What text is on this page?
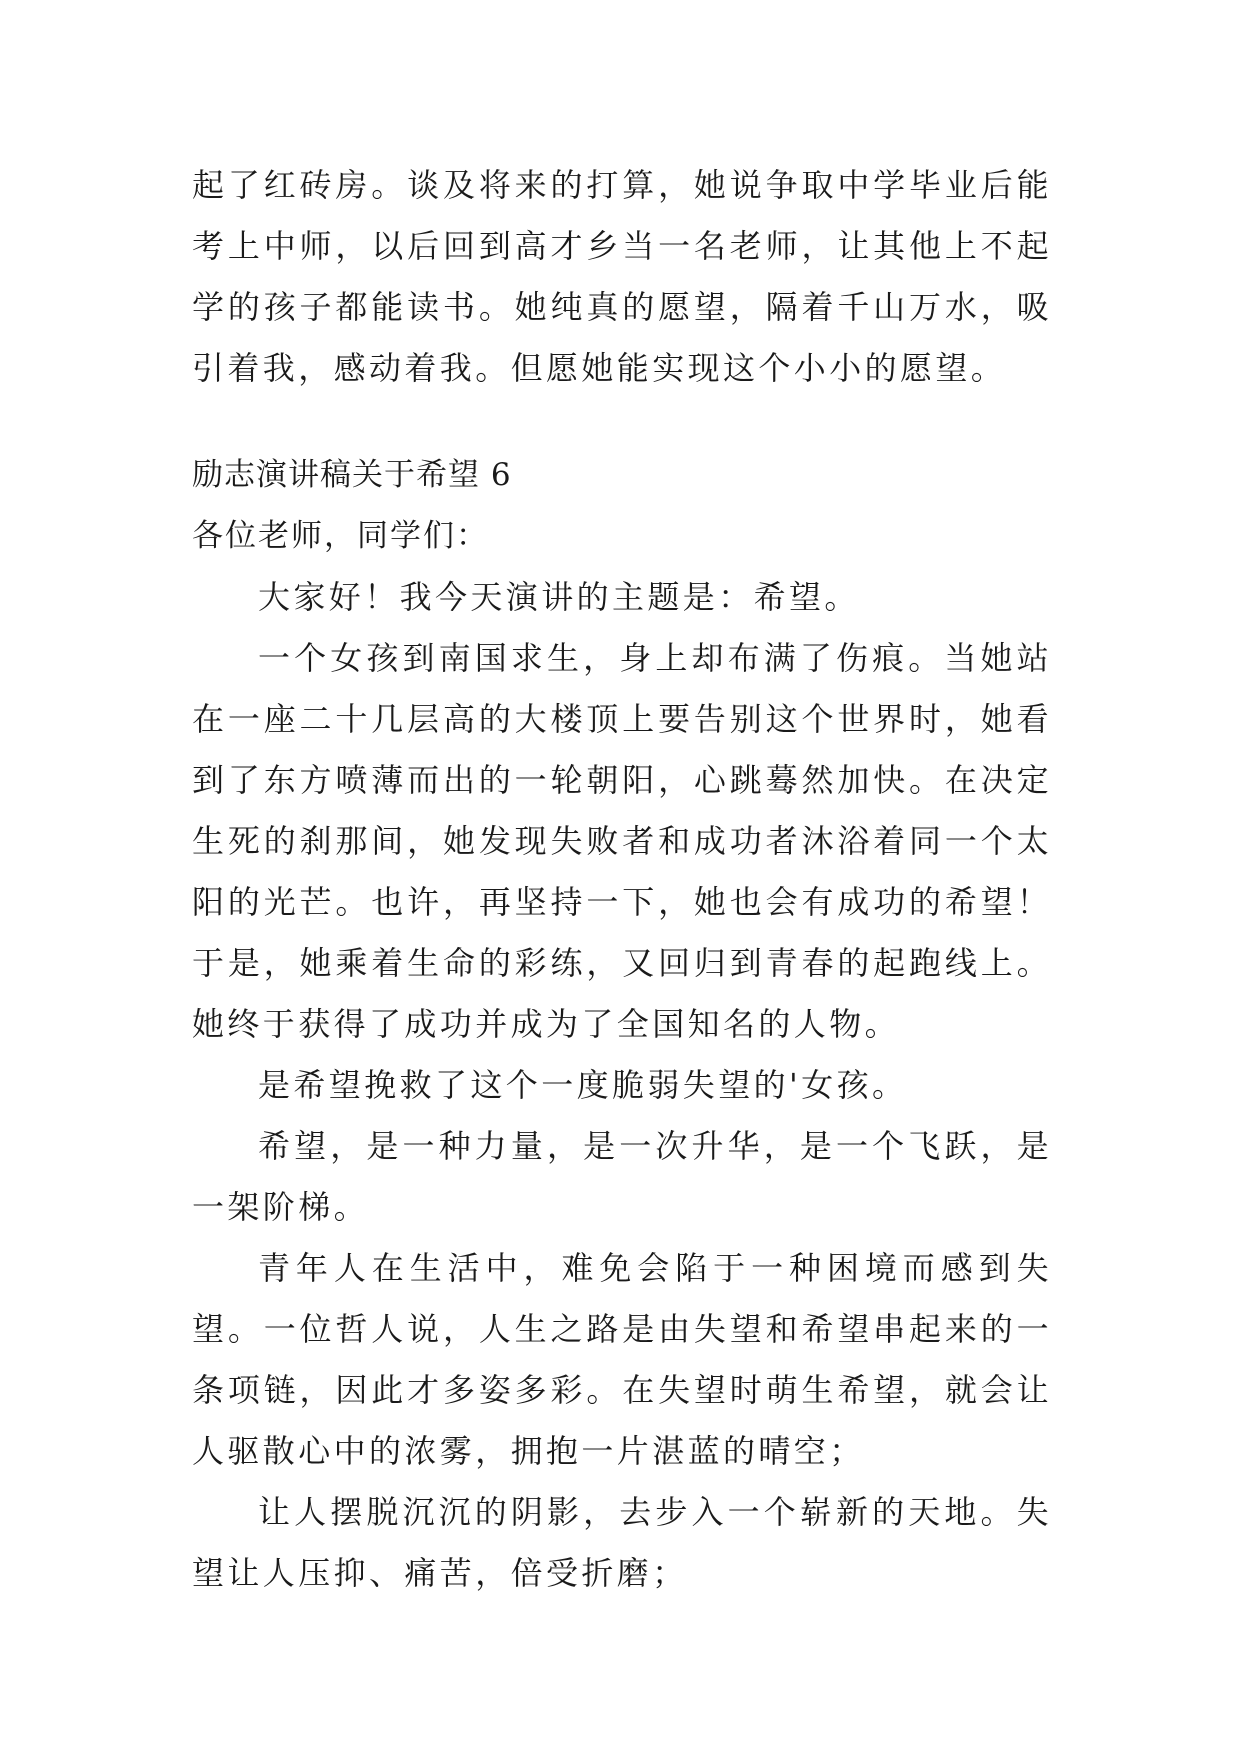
起了红砖房。谈及将来的打算，她说争取中学毕业后能考上中师，以后回到高才乡当一名老师，让其他上不起学的孩子都能读书。她纯真的愿望，隔着千山万水，吸引着我，感动着我。但愿她能实现这个小小的愿望。

励志演讲稿关于希望 6

各位老师，同学们：

大家好！我今天演讲的主题是：希望。

一个女孩到南国求生，身上却布满了伤痕。当她站在一座二十几层高的大楼顶上要告别这个世界时，她看到了东方喷薄而出的一轮朝阳，心跳蓦然加快。在决定生死的刹那间，她发现失败者和成功者沐浴着同一个太阳的光芒。也许，再坚持一下，她也会有成功的希望！于是，她乘着生命的彩练，又回归到青春的起跑线上。她终于获得了成功并成为了全国知名的人物。

是希望挽救了这个一度脆弱失望的'女孩。

希望，是一种力量，是一次升华，是一个飞跃，是一架阶梯。

青年人在生活中，难免会陷于一种困境而感到失望。一位哲人说，人生之路是由失望和希望串起来的一条项链，因此才多姿多彩。在失望时萌生希望，就会让人驱散心中的浓雾，拥抱一片湛蓝的晴空；

让人摆脱沉沉的阴影，去步入一个崭新的天地。失望让人压抑、痛苦，倍受折磨；
